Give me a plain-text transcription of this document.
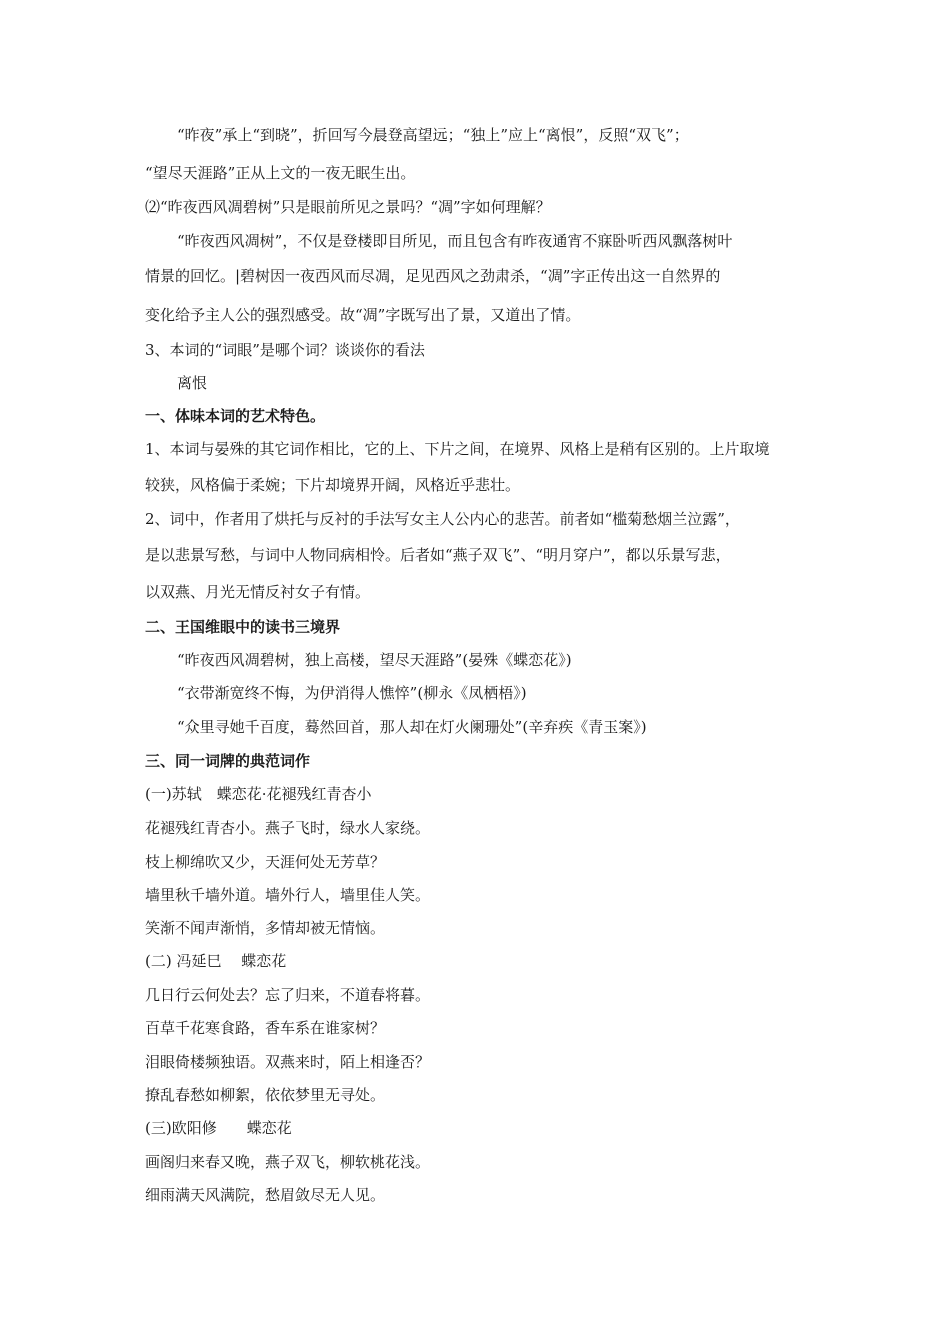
“昨夜”承上“到晓”，折回写今晨登高望远；“独上”应上“离恨”，反照“双飞”；
“望尽天涯路”正从上文的一夜无眠生出。
⑵“昨夜西风凋碧树”只是眼前所见之景吗？“凋”字如何理解？
“昨夜西风凋树”，不仅是登楼即目所见，而且包含有昨夜通宵不寐卧听西风飘落树叶
情景的回忆。|碧树因一夜西风而尽凋，足见西风之劲肃杀，“凋”字正传出这一自然界的
变化给予主人公的强烈感受。故“凋”字既写出了景，又道出了情。
3、本词的“词眼”是哪个词？谈谈你的看法
离恨
一、体味本词的艺术特色。
1、本词与晏殊的其它词作相比，它的上、下片之间，在境界、风格上是稍有区别的。上片取境
较狭，风格偏于柔婉；下片却境界开阔，风格近乎悲壮。
2、词中，作者用了烘托与反衬的手法写女主人公内心的悲苦。前者如“槛菊愁烟兰泣露”，
是以悲景写愁，与词中人物同病相怜。后者如“燕子双飞”、“明月穿户”，都以乐景写悲，
以双燕、月光无情反衬女子有情。
二、王国维眼中的读书三境界
“昨夜西风凋碧树，独上高楼，望尽天涯路”(晏殊《蝶恋花》)
“衣带渐宽终不悔，为伊消得人憔悴”(柳永《凤栖梧》)
“众里寻她千百度，蓦然回首，那人却在灯火阑珊处”(辛弃疾《青玉案》)
三、同一词牌的典范词作
(一)苏轼　蝶恋花·花褪残红青杏小
花褪残红青杏小。燕子飞时，绿水人家绕。
枝上柳绵吹又少，天涯何处无芳草？
墙里秋千墙外道。墙外行人，墙里佳人笑。
笑渐不闻声渐悄，多情却被无情恼。
(二) 冯延巳　 蝶恋花
几日行云何处去？忘了归来，不道春将暮。
百草千花寒食路，香车系在谁家树？
泪眼倚楼频独语。双燕来时，陌上相逢否？
撩乱春愁如柳絮，依依梦里无寻处。
(三)欧阳修　　蝶恋花
画阁归来春又晚，燕子双飞，柳软桃花浅。
细雨满天风满院，愁眉敛尽无人见。
